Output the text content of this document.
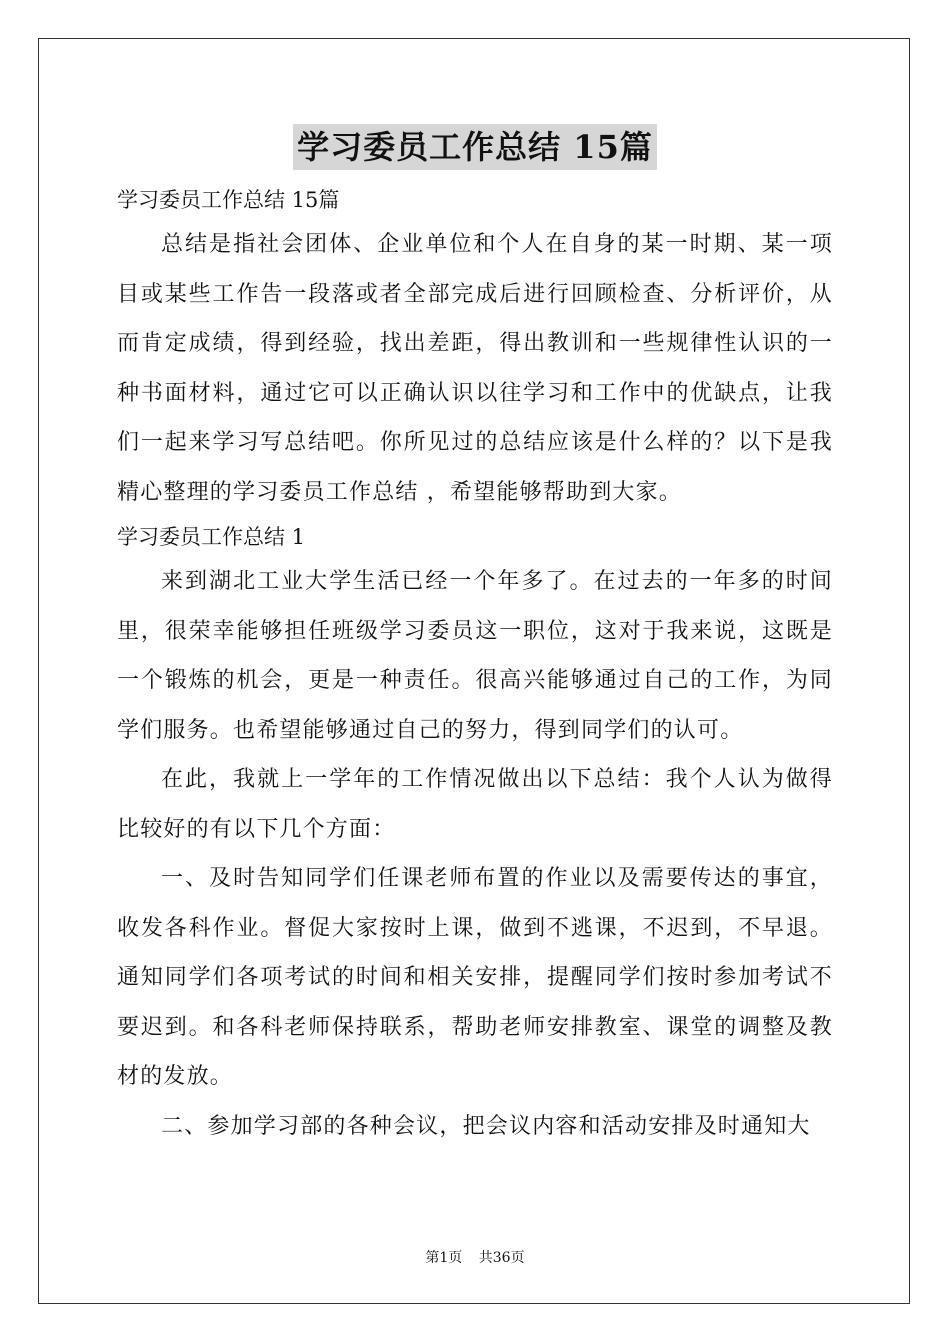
学习委员工作总结 15篇

学习委员工作总结 15篇

总结是指社会团体、企业单位和个人在自身的某一时期、某一项目或某些工作告一段落或者全部完成后进行回顾检查、分析评价，从而肯定成绩，得到经验，找出差距，得出教训和一些规律性认识的一种书面材料，通过它可以正确认识以往学习和工作中的优缺点，让我们一起来学习写总结吧。你所见过的总结应该是什么样的？以下是我精心整理的学习委员工作总结 ，希望能够帮助到大家。

学习委员工作总结 1

来到湖北工业大学生活已经一个年多了。在过去的一年多的时间里，很荣幸能够担任班级学习委员这一职位，这对于我来说，这既是一个锻炼的机会，更是一种责任。很高兴能够通过自己的工作，为同学们服务。也希望能够通过自己的努力，得到同学们的认可。

在此，我就上一学年的工作情况做出以下总结：我个人认为做得比较好的有以下几个方面：

一、及时告知同学们任课老师布置的作业以及需要传达的事宜，收发各科作业。督促大家按时上课，做到不逃课，不迟到，不早退。通知同学们各项考试的时间和相关安排，提醒同学们按时参加考试不要迟到。和各科老师保持联系，帮助老师安排教室、课堂的调整及教材的发放。

二、参加学习部的各种会议，把会议内容和活动安排及时通知大

第1页 共36页
